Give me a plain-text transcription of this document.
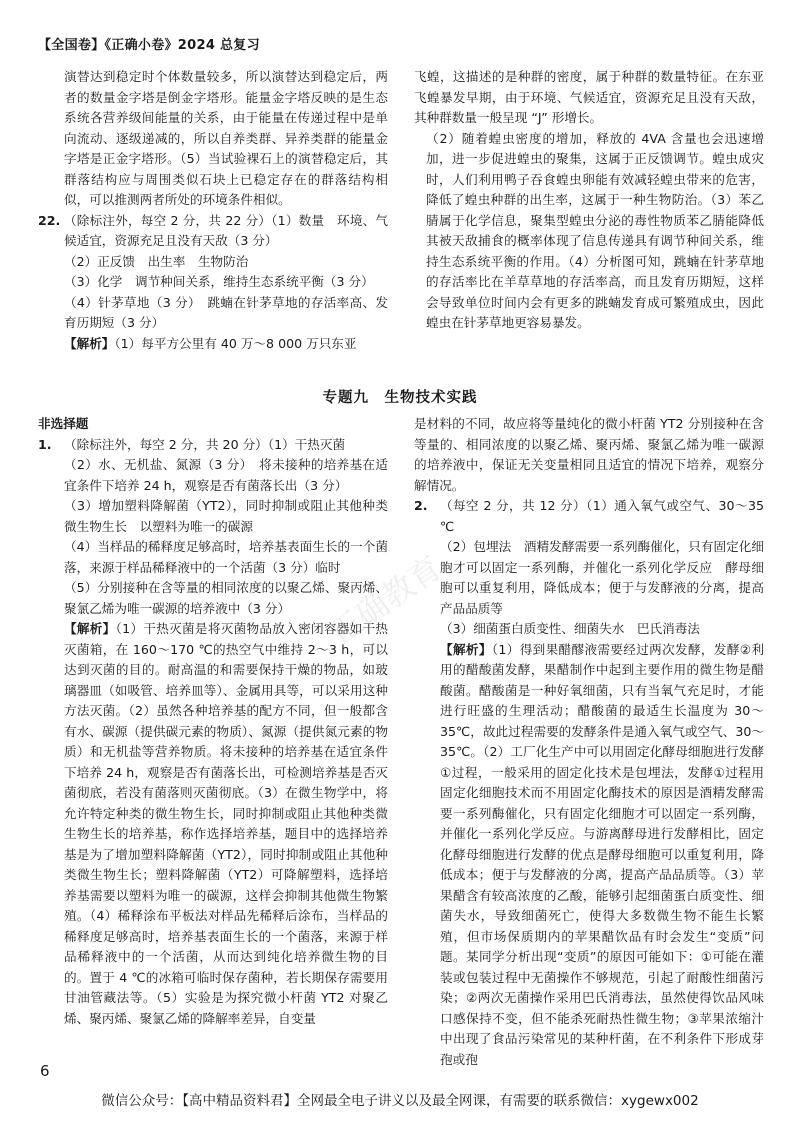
【全国卷】《正确小卷》2024 总复习

演替达到稳定时个体数量较多，所以演替达到稳定后，两者的数量金字塔是倒金字塔形。能量金字塔反映的是生态系统各营养级间能量的关系，由于能量在传递过程中是单向流动、逐级递减的，所以自养类群、异养类群的能量金字塔是正金字塔形。（5）当试验裸石上的演替稳定后，其群落结构应与周围类似石块上已稳定存在的群落结构相似，可以推测两者所处的环境条件相似。

22. （除标注外，每空 2 分，共 22 分）（1）数量　环境、气候适宜，资源充足且没有天敌（3 分）

（2）正反馈　出生率　生物防治

（3）化学　调节种间关系，维持生态系统平衡（3 分）

（4）针茅草地（3 分）　跳蝻在针茅草地的存活率高、发育历期短（3 分）

【解析】（1）每平方公里有 40 万～8 000 万只东亚

飞蝗，这描述的是种群的密度，属于种群的数量特征。在东亚飞蝗暴发早期，由于环境、气候适宜，资源充足且没有天敌，其种群数量一般呈现 “J” 形增长。

（2）随着蝗虫密度的增加，释放的 4VA 含量也会迅速增加，进一步促进蝗虫的聚集，这属于正反馈调节。蝗虫成灾时，人们利用鸭子吞食蝗虫卵能有效减轻蝗虫带来的危害，降低了蝗虫种群的出生率，这属于一种生物防治。（3）苯乙腈属于化学信息，聚集型蝗虫分泌的毒性物质苯乙腈能降低其被天敌捕食的概率体现了信息传递具有调节种间关系，维持生态系统平衡的作用。（4）分析图可知，跳蝻在针茅草地的存活率比在羊草草地的存活率高，而且发育历期短，这样会导致单位时间内会有更多的跳蝻发育成可繁殖成虫，因此蝗虫在针茅草地更容易暴发。

专题九　生物技术实践

非选择题

1. （除标注外，每空 2 分，共 20 分）（1）干热灭菌

（2）水、无机盐、氮源（3 分）　将未接种的培养基在适宜条件下培养 24 h，观察是否有菌落长出（3 分）

（3）增加塑料降解菌（YT2），同时抑制或阻止其他种类微生物生长　以塑料为唯一的碳源

（4）当样品的稀释度足够高时，培养基表面生长的一个菌落，来源于样品稀释液中的一个活菌（3 分）临时

（5）分别接种在含等量的相同浓度的以聚乙烯、聚丙烯、聚氯乙烯为唯一碳源的培养液中（3 分）

【解析】（1）干热灭菌是将灭菌物品放入密闭容器如干热灭菌箱，在 160～170 ℃的热空气中维持 2～3 h，可以达到灭菌的目的。耐高温的和需要保持干燥的物品，如玻璃器皿（如吸管、培养皿等）、金属用具等，可以采用这种方法灭菌。（2）虽然各种培养基的配方不同，但一般都含有水、碳源（提供碳元素的物质）、氮源（提供氮元素的物质）和无机盐等营养物质。将未接种的培养基在适宜条件下培养 24 h，观察是否有菌落长出，可检测培养基是否灭菌彻底，若没有菌落则灭菌彻底。（3）在微生物学中，将允许特定种类的微生物生长，同时抑制或阻止其他种类微生物生长的培养基，称作选择培养基，题目中的选择培养基是为了增加塑料降解菌（YT2），同时抑制或阻止其他种类微生物生长；塑料降解菌（YT2）可降解塑料，选择培养基需要以塑料为唯一的碳源，这样会抑制其他微生物繁殖。（4）稀释涂布平板法对样品先稀释后涂布，当样品的稀释度足够高时，培养基表面生长的一个菌落，来源于样品稀释液中的一个活菌，从而达到纯化培养微生物的目的。置于 4 ℃的冰箱可临时保存菌种，若长期保存需要用甘油管藏法等。（5）实验是为探究微小杆菌 YT2 对聚乙烯、聚丙烯、聚氯乙烯的降解率差异，自变量

是材料的不同，故应将等量纯化的微小杆菌 YT2 分别接种在含等量的、相同浓度的以聚乙烯、聚丙烯、聚氯乙烯为唯一碳源的培养液中，保证无关变量相同且适宜的情况下培养，观察分解情况。

2. （每空 2 分，共 12 分）（1）通入氧气或空气、30～35 ℃

（2）包埋法　酒精发酵需要一系列酶催化，只有固定化细胞才可以固定一系列酶，并催化一系列化学反应　酵母细胞可以重复利用，降低成本；便于与发酵液的分离，提高产品品质等

（3）细菌蛋白质变性、细菌失水　巴氏消毒法

【解析】（1）得到果醋醪液需要经过两次发酵，发酵②利用的醋酸菌发酵，果醋制作中起到主要作用的微生物是醋酸菌。醋酸菌是一种好氧细菌，只有当氧气充足时，才能进行旺盛的生理活动；醋酸菌的最适生长温度为 30～35℃，故此过程需要的发酵条件是通入氧气或空气、30～35℃。（2）工厂化生产中可以用固定化酵母细胞进行发酵①过程，一般采用的固定化技术是包埋法，发酵①过程用固定化细胞技术而不用固定化酶技术的原因是酒精发酵需要一系列酶催化，只有固定化细胞才可以固定一系列酶，并催化一系列化学反应。与游离酵母进行发酵相比，固定化酵母细胞进行发酵的优点是酵母细胞可以重复利用，降低成本；便于与发酵液的分离，提高产品品质等。（3）苹果醋含有较高浓度的乙酸，能够引起细菌蛋白质变性、细菌失水，导致细菌死亡，使得大多数微生物不能生长繁殖，但市场保质期内的苹果醋饮品有时会发生“变质”问题。某同学分析出现“变质”的原因可能如下：①可能在灌装或包装过程中无菌操作不够规范，引起了耐酸性细菌污染；②两次无菌操作采用巴氏消毒法，虽然使得饮品风味口感保持不变，但不能杀死耐热性微生物；③苹果浓缩汁中出现了食品污染常见的某种杆菌，在不利条件下形成芽孢或孢

正确教育
6
微信公众号：【高中精品资料君】全网最全电子讲义以及最全网课，有需要的联系微信：xygewx002
